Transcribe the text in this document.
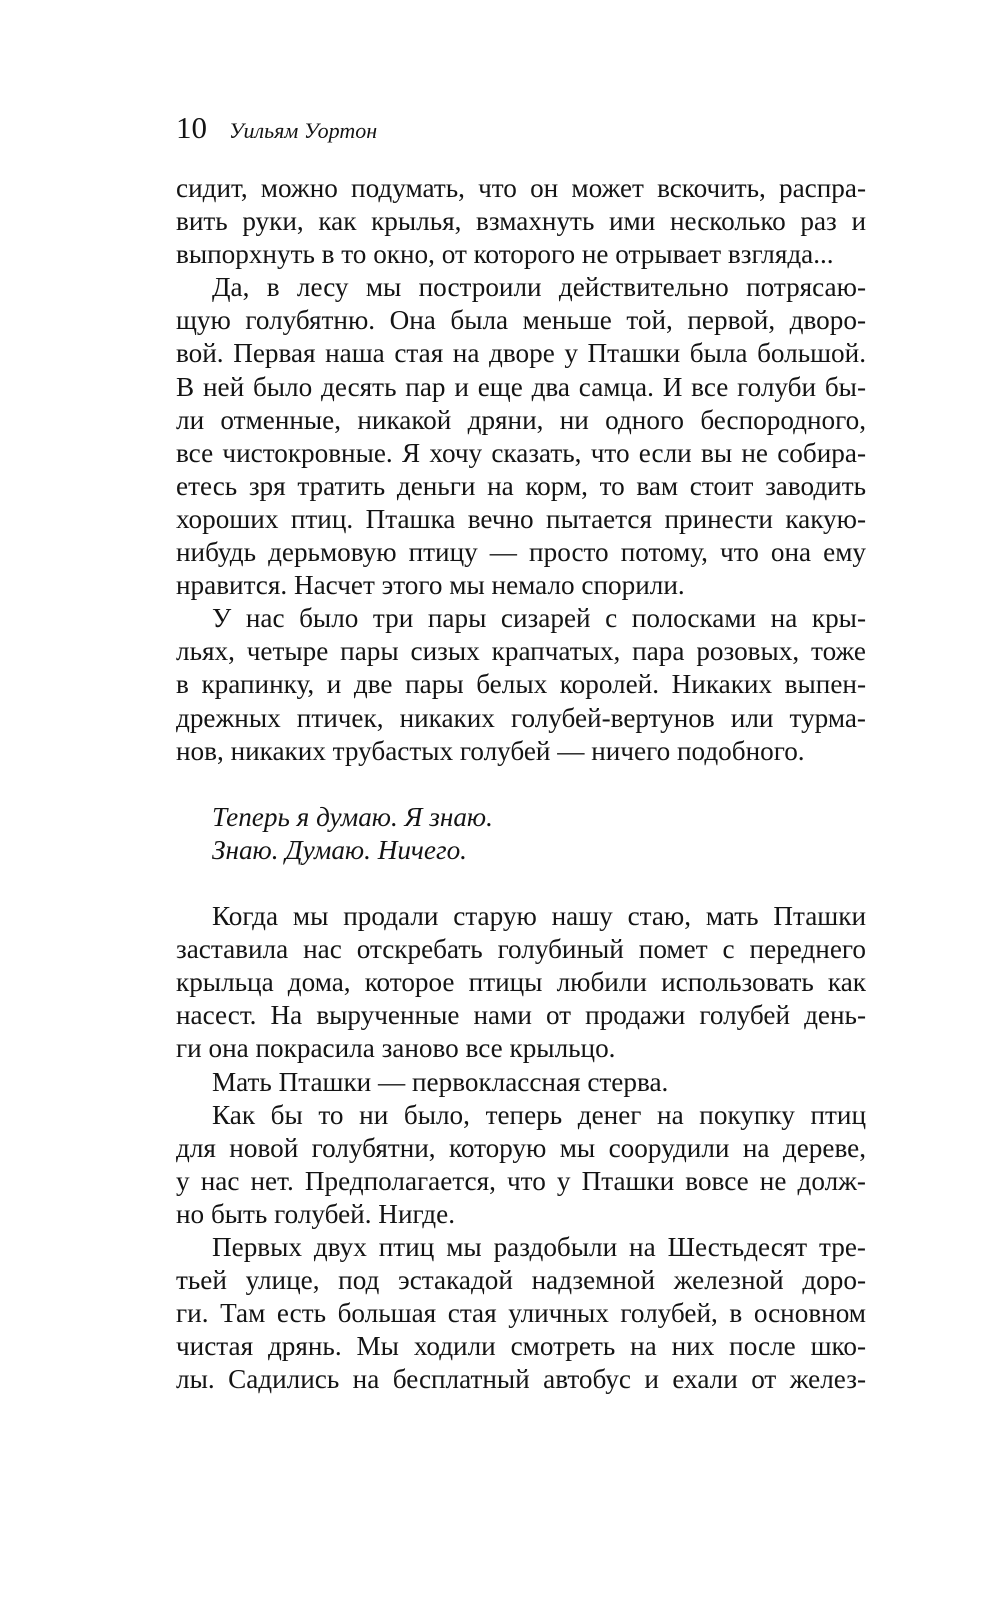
10 Уильям Уортон
сидит, можно подумать, что он может вскочить, распра-
вить руки, как крылья, взмахнуть ими несколько раз и
выпорхнуть в то окно, от которого не отрывает взгляда...
Да, в лесу мы построили действительно потрясаю-
щую голубятню. Она была меньше той, первой, дворо-
вой. Первая наша стая на дворе у Пташки была большой.
В ней было десять пар и еще два самца. И все голуби бы-
ли отменные, никакой дряни, ни одного беспородного,
все чистокровные. Я хочу сказать, что если вы не собира-
етесь зря тратить деньги на корм, то вам стоит заводить
хороших птиц. Пташка вечно пытается принести какую-
нибудь дерьмовую птицу — просто потому, что она ему
нравится. Насчет этого мы немало спорили.
У нас было три пары сизарей с полосками на кры-
льях, четыре пары сизых крапчатых, пара розовых, тоже
в крапинку, и две пары белых королей. Никаких выпен-
дрежных птичек, никаких голубей-вертунов или турма-
нов, никаких трубастых голубей — ничего подобного.
Теперь я думаю. Я знаю.
Знаю. Думаю. Ничего.
Когда мы продали старую нашу стаю, мать Пташки
заставила нас отскребать голубиный помет с переднего
крыльца дома, которое птицы любили использовать как
насест. На вырученные нами от продажи голубей день-
ги она покрасила заново все крыльцо.
Мать Пташки — первоклассная стерва.
Как бы то ни было, теперь денег на покупку птиц
для новой голубятни, которую мы соорудили на дереве,
у нас нет. Предполагается, что у Пташки вовсе не долж-
но быть голубей. Нигде.
Первых двух птиц мы раздобыли на Шестьдесят тре-
тьей улице, под эстакадой надземной железной доро-
ги. Там есть большая стая уличных голубей, в основном
чистая дрянь. Мы ходили смотреть на них после шко-
лы. Садились на бесплатный автобус и ехали от желез-
